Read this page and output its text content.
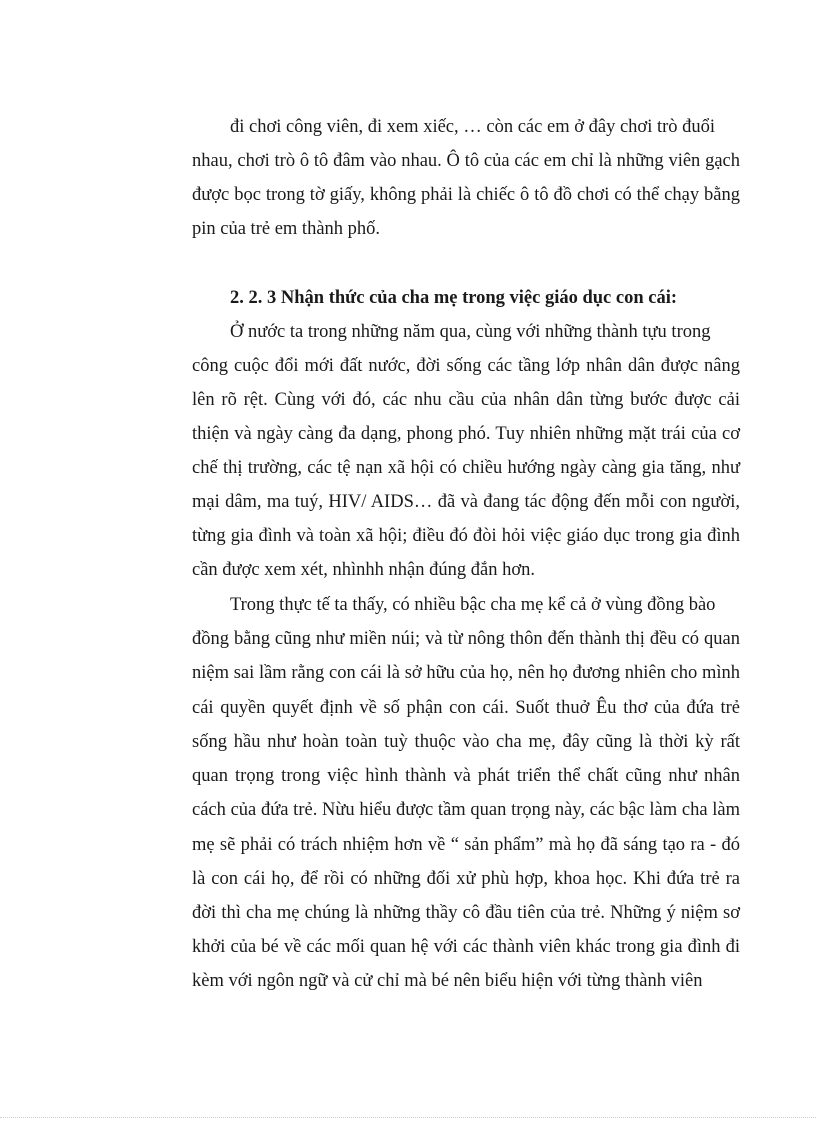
đi chơi công viên, đi xem xiếc, … còn các em ở đây chơi trò đuổi
nhau, chơi trò ô tô đâm vào nhau. Ô tô của các em chỉ là những viên gạch
được bọc trong tờ giấy, không phải là chiếc ô tô đồ chơi có thể chạy bằng
pin của trẻ em thành phố.
2. 2. 3 Nhận thức của cha mẹ trong việc giáo dục con cái:
Ở nước ta trong những năm qua, cùng với những thành tựu trong
công cuộc đổi mới đất nước, đời sống các tầng lớp nhân dân được nâng
lên rõ rệt. Cùng với đó, các nhu cầu của nhân dân từng bước được cải
thiện và ngày càng đa dạng, phong phó. Tuy nhiên những mặt trái của cơ
chế thị trường, các tệ nạn xã hội có chiều hướng ngày càng gia tăng, như
mại dâm, ma tuý, HIV/ AIDS… đã và đang tác động đến mỗi con người,
từng gia đình và toàn xã hội; điều đó đòi hỏi việc giáo dục trong gia đình
cần được xem xét, nhìnhh nhận đúng đắn hơn.
Trong thực tế ta thấy, có nhiều bậc cha mẹ kể cả ở vùng đồng bào
đồng bằng cũng như miền núi; và từ nông thôn đến thành thị đều có quan
niệm sai lầm rằng con cái là sở hữu của họ, nên họ đương nhiên cho mình
cái quyền quyết định về số phận con cái. Suốt thuở Êu thơ của đứa trẻ
sống hầu như hoàn toàn tuỳ thuộc vào cha mẹ, đây cũng là thời kỳ rất
quan trọng trong việc hình thành và phát triển thể chất cũng như nhân
cách của đứa trẻ. Nừu hiểu được tầm quan trọng này, các bậc làm cha làm
mẹ sẽ phải có trách nhiệm hơn về “ sản phẩm” mà họ đã sáng tạo ra - đó
là con cái họ, để rồi có những đối xử phù hợp, khoa học. Khi đứa trẻ ra
đời thì cha mẹ chúng là những thầy cô đầu tiên của trẻ. Những ý niệm sơ
khởi của bé về các mối quan hệ với các thành viên khác trong gia đình đi
kèm với ngôn ngữ và cử chỉ mà bé nên biểu hiện với từng thành viên
